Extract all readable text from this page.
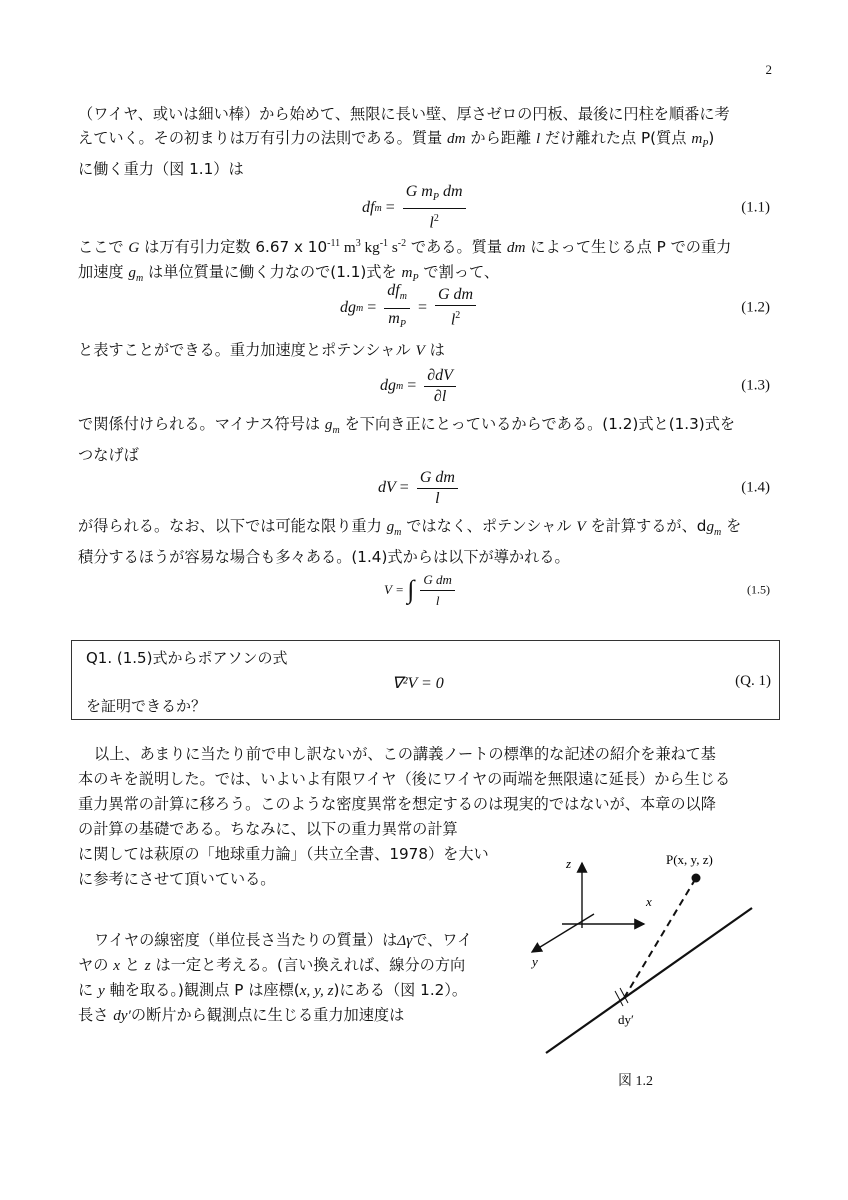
2
（ワイヤ、或いは細い棒）から始めて、無限に長い壁、厚さゼロの円板、最後に円柱を順番に考
えていく。その初まりは万有引力の法則である。質量 dm から距離 l だけ離れた点 P(質点 $m_P$)
に働く重力（図 1.1）は
df $m = \frac{G m_P dm}{l^2}$	(1.1)
ここで G は万有引力定数 6.67 x $10^{-11}$ $m^3$ $kg^{-1}$ $s^{-2}$ である。質量 dm によって生じる点 P での重力
加速度 $g_m$ は単位質量に働く力なので(1.1)式を $m_P$ で割って、
dg $m = \frac{df_m}{m_P} = \frac{\text{G dm}}{l^2}$	(1.2)
と表すことができる。重力加速度とポテンシャル V は
dg $m = \frac{\partial dV}{\partial l}$	(1.3)
で関係付けられる。マイナス符号は $g_m$ を下向き正にとっているからである。(1.2)式と(1.3)式を
つなげば
dV = $\frac{\text{G dm}}{l}$	(1.4)
が得られる。なお、以下では可能な限り重力 $g_m$ ではなく、ポテンシャル V を計算するが、$dg_m$ を
積分するほうが容易な場合も多々ある。(1.4)式からは以下が導かれる。
V = ∫ $\frac{\text{G dm}}{l}$	(1.5)
Q1. (1.5)式からポアソンの式
∇²V = 0	(Q. 1)
を証明できるか？
以上、あまりに当たり前で申し訳ないが、この講義ノートの標準的な記述の紹介を兼ねて基
本のキを説明した。では、いよいよ有限ワイヤ（後にワイヤの両端を無限遠に延長）から生じる
重力異常の計算に移ろう。このような密度異常を想定するのは現実的ではないが、本章の以降
の計算の基礎である。ちなみに、以下の重力異常の計算
に関しては萩原の「地球重力論」（共立全書、1978）を大い
に参考にさせて頂いている。
ワイヤの線密度（単位長さ当たりの質量）はΔγで、ワイ
ヤの x と z は一定と考える。(言い換えれば、線分の方向
に y 軸を取る。)観測点 P は座標(x, y, z)にある（図 1.2）。
長さ dy′の断片から観測点に生じる重力加速度は
z
x
y
P(x, y, z)
dy′
図 1.2
